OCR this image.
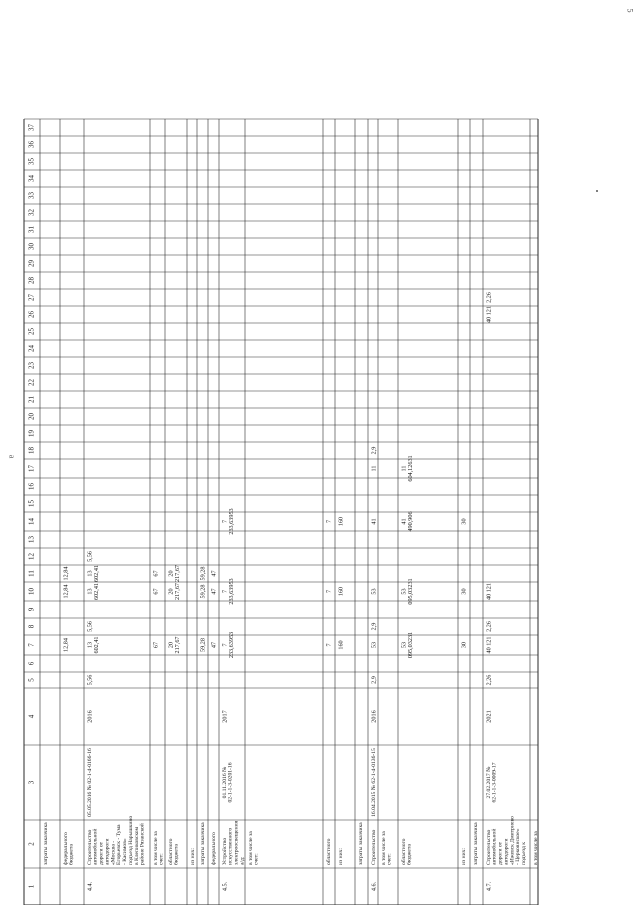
1
2
3
4
5
6
7
8
9
10
11
12
13
14
15
16
17
18
19
20
21
22
23
24
25
26
27
28
29
30
31
32
33
34
35
36
37
затраты заказчика	федерального бюджета
12,84
12,84
12,84
4.4.
Строительство автомобильной дороги от автодороги «Москва - Егорьевск - Тума - Касимов» подъезд Нарышкино в Клепиковском районе Рязанской
05.05.2016 № 02-1-4-0166-16
2016
5,56
13 602,41
5,56
13 602,41
13 602,41
5,56
в том числе за счет:
67
67
67
областного бюджета
20 217,67
20 217,67
20 217,67
из них: затраты заказчика
59,28
59,28
59,28
федерального
47
47
47
4.5.
Устройство искусственного электроосвещения а/д:
01.11.2016 № 02-1-1-3-0201-16
2017
7 233,63953
7 233,63953
7 233,63953
в том числе за счет:	областного
7
7
7
из них:
160
160
160
затраты заказчика
4.6.
Строительство
16.04.2015 № 62-1-4-0136-15
2016
2,9
53
2,9
53
41
11
2,9
в том числе за счет: областного бюджета
53 095,03231
53 095,03231
41 490,906
11 604,12631
из них:
30
30
30
затраты заказчика
4.7.
Строительство автомобильной дороги от автодороги «Ижевск Дмитриево - Церковнское» подъезд к
27.02.2017 № 62-1-1-3-0009-17
2021
2,26
40 121
2,26
40 121
40 121
2,26
в том числе за
5
а
